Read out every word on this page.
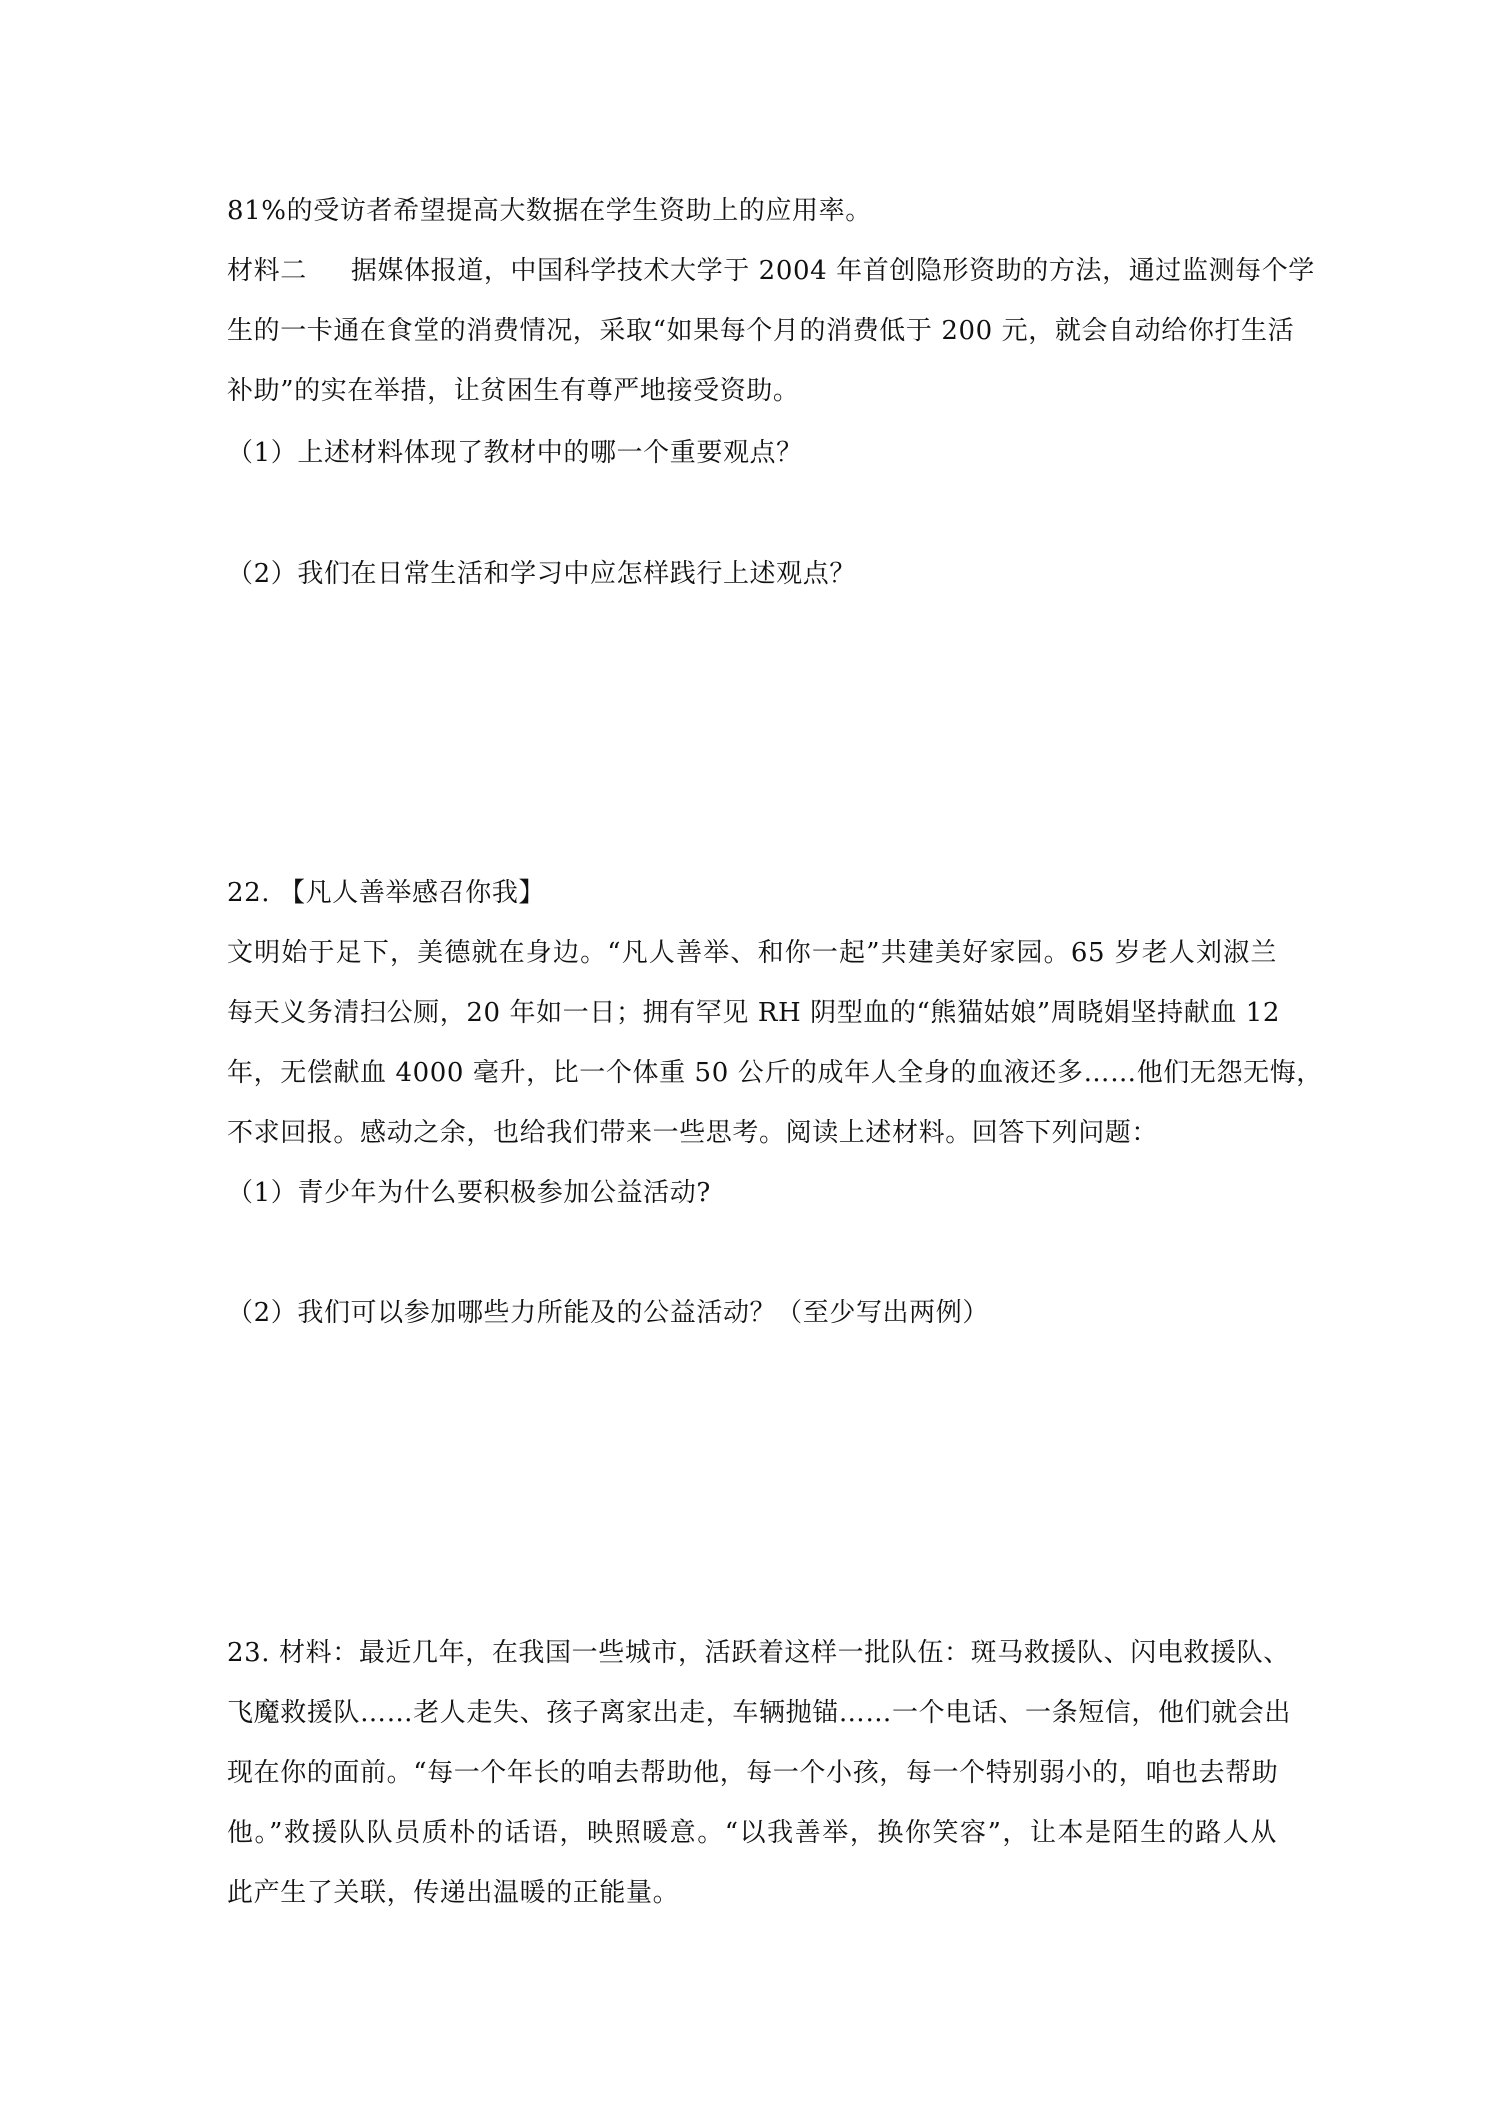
81%的受访者希望提高大数据在学生资助上的应用率。
材料二 据媒体报道，中国科学技术大学于 2004 年首创隐形资助的方法，通过监测每个学
生的一卡通在食堂的消费情况，采取“如果每个月的消费低于 200 元，就会自动给你打生活
补助”的实在举措，让贫困生有尊严地接受资助。
（1）上述材料体现了教材中的哪一个重要观点？
（2）我们在日常生活和学习中应怎样践行上述观点？
22. 【凡人善举感召你我】
文明始于足下，美德就在身边。“凡人善举、和你一起”共建美好家园。65 岁老人刘淑兰
每天义务清扫公厕，20 年如一日；拥有罕见 RH 阴型血的“熊猫姑娘”周晓娟坚持献血 12
年，无偿献血 4000 毫升，比一个体重 50 公斤的成年人全身的血液还多……他们无怨无悔，
不求回报。感动之余，也给我们带来一些思考。阅读上述材料。回答下列问题：
（1）青少年为什么要积极参加公益活动?
（2）我们可以参加哪些力所能及的公益活动？（至少写出两例）
23. 材料：最近几年，在我国一些城市，活跃着这样一批队伍：斑马救援队、闪电救援队、
飞魔救援队……老人走失、孩子离家出走，车辆抛锚……一个电话、一条短信，他们就会出
现在你的面前。“每一个年长的咱去帮助他，每一个小孩，每一个特别弱小的，咱也去帮助
他。”救援队队员质朴的话语，映照暖意。“以我善举，换你笑容”，让本是陌生的路人从
此产生了关联，传递出温暖的正能量。
